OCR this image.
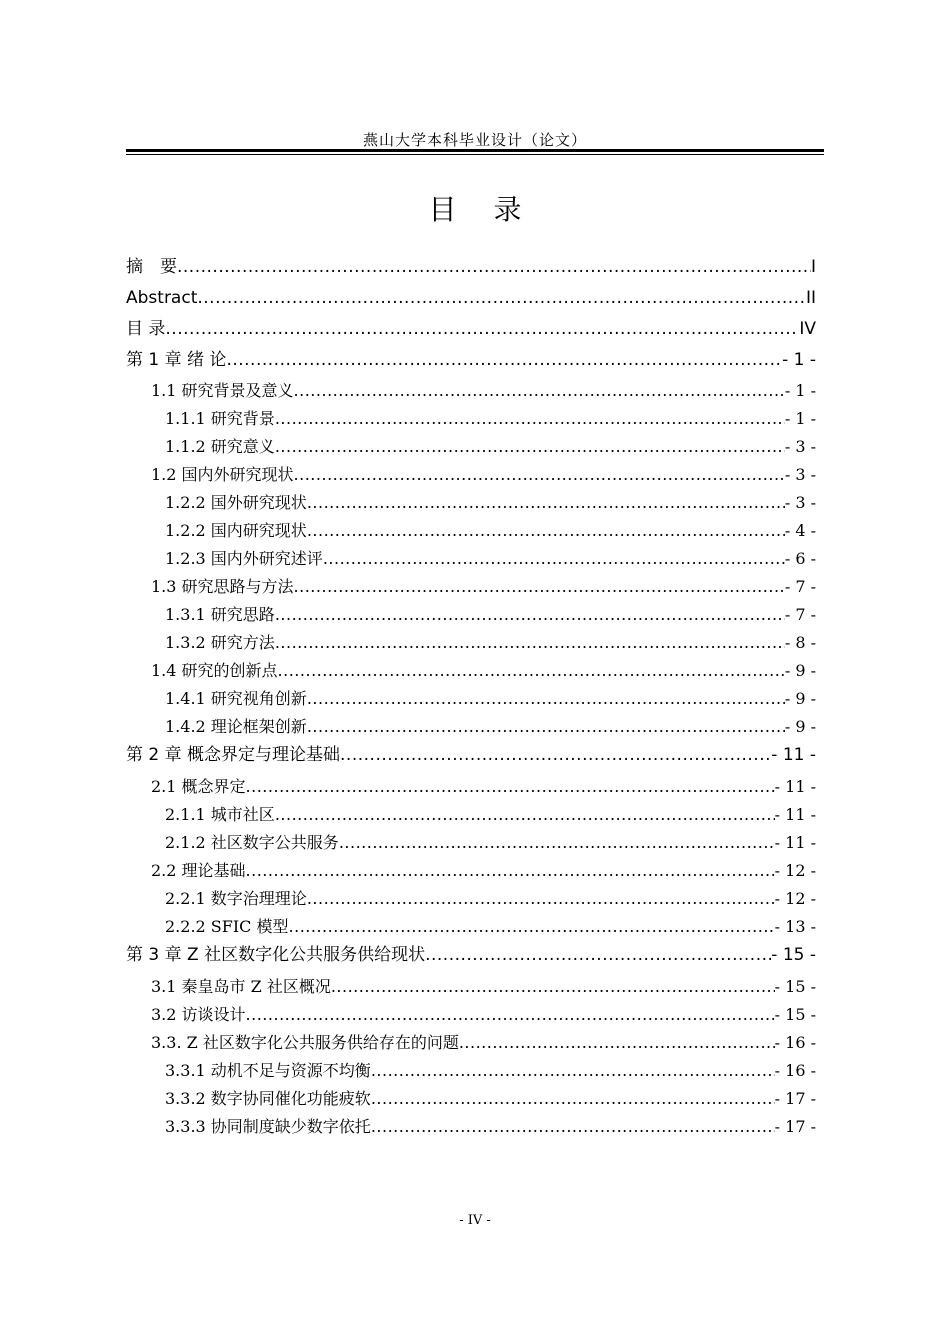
燕山大学本科毕业设计（论文）
目 录
摘　要 .....	I
Abstract .....	II
目 录 .....	IV
第 1 章 绪 论 .....	- 1 -
1.1 研究背景及意义 .....	- 1 -
1.1.1 研究背景 .....	- 1 -
1.1.2 研究意义 .....	- 3 -
1.2 国内外研究现状 .....	- 3 -
1.2.2 国外研究现状 .....	- 3 -
1.2.2 国内研究现状 .....	- 4 -
1.2.3 国内外研究述评 .....	- 6 -
1.3 研究思路与方法 .....	- 7 -
1.3.1 研究思路 .....	- 7 -
1.3.2 研究方法 .....	- 8 -
1.4 研究的创新点 .....	- 9 -
1.4.1 研究视角创新 .....	- 9 -
1.4.2 理论框架创新 .....	- 9 -
第 2 章 概念界定与理论基础 .....	- 11 -
2.1 概念界定 .....	- 11 -
2.1.1 城市社区 .....	- 11 -
2.1.2 社区数字公共服务 .....	- 11 -
2.2 理论基础 .....	- 12 -
2.2.1 数字治理理论 .....	- 12 -
2.2.2 SFIC 模型 .....	- 13 -
第 3 章 Z 社区数字化公共服务供给现状 .....	- 15 -
3.1 秦皇岛市 Z 社区概况 .....	- 15 -
3.2 访谈设计 .....	- 15 -
3.3. Z 社区数字化公共服务供给存在的问题 .....	- 16 -
3.3.1 动机不足与资源不均衡 .....	- 16 -
3.3.2 数字协同催化功能疲软 .....	- 17 -
3.3.3 协同制度缺少数字依托 .....	- 17 -
- IV -
